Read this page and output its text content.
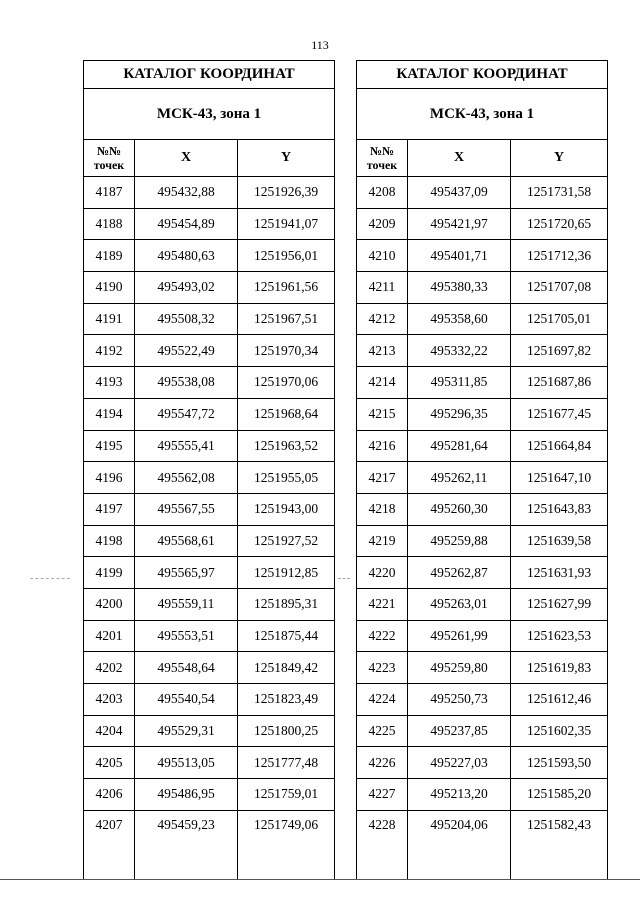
113
КАТАЛОГ КООРДИНАТ		
МСК-43, зона 1		
№№ точек	X	Y
4187	495432,88	1251926,39
4188	495454,89	1251941,07
4189	495480,63	1251956,01
4190	495493,02	1251961,56
4191	495508,32	1251967,51
4192	495522,49	1251970,34
4193	495538,08	1251970,06
4194	495547,72	1251968,64
4195	495555,41	1251963,52
4196	495562,08	1251955,05
4197	495567,55	1251943,00
4198	495568,61	1251927,52
4199	495565,97	1251912,85
4200	495559,11	1251895,31
4201	495553,51	1251875,44
4202	495548,64	1251849,42
4203	495540,54	1251823,49
4204	495529,31	1251800,25
4205	495513,05	1251777,48
4206	495486,95	1251759,01
4207	495459,23	1251749,06
КАТАЛОГ КООРДИНАТ		
МСК-43, зона 1		
№№ точек	X	Y
4208	495437,09	1251731,58
4209	495421,97	1251720,65
4210	495401,71	1251712,36
4211	495380,33	1251707,08
4212	495358,60	1251705,01
4213	495332,22	1251697,82
4214	495311,85	1251687,86
4215	495296,35	1251677,45
4216	495281,64	1251664,84
4217	495262,11	1251647,10
4218	495260,30	1251643,83
4219	495259,88	1251639,58
4220	495262,87	1251631,93
4221	495263,01	1251627,99
4222	495261,99	1251623,53
4223	495259,80	1251619,83
4224	495250,73	1251612,46
4225	495237,85	1251602,35
4226	495227,03	1251593,50
4227	495213,20	1251585,20
4228	495204,06	1251582,43
